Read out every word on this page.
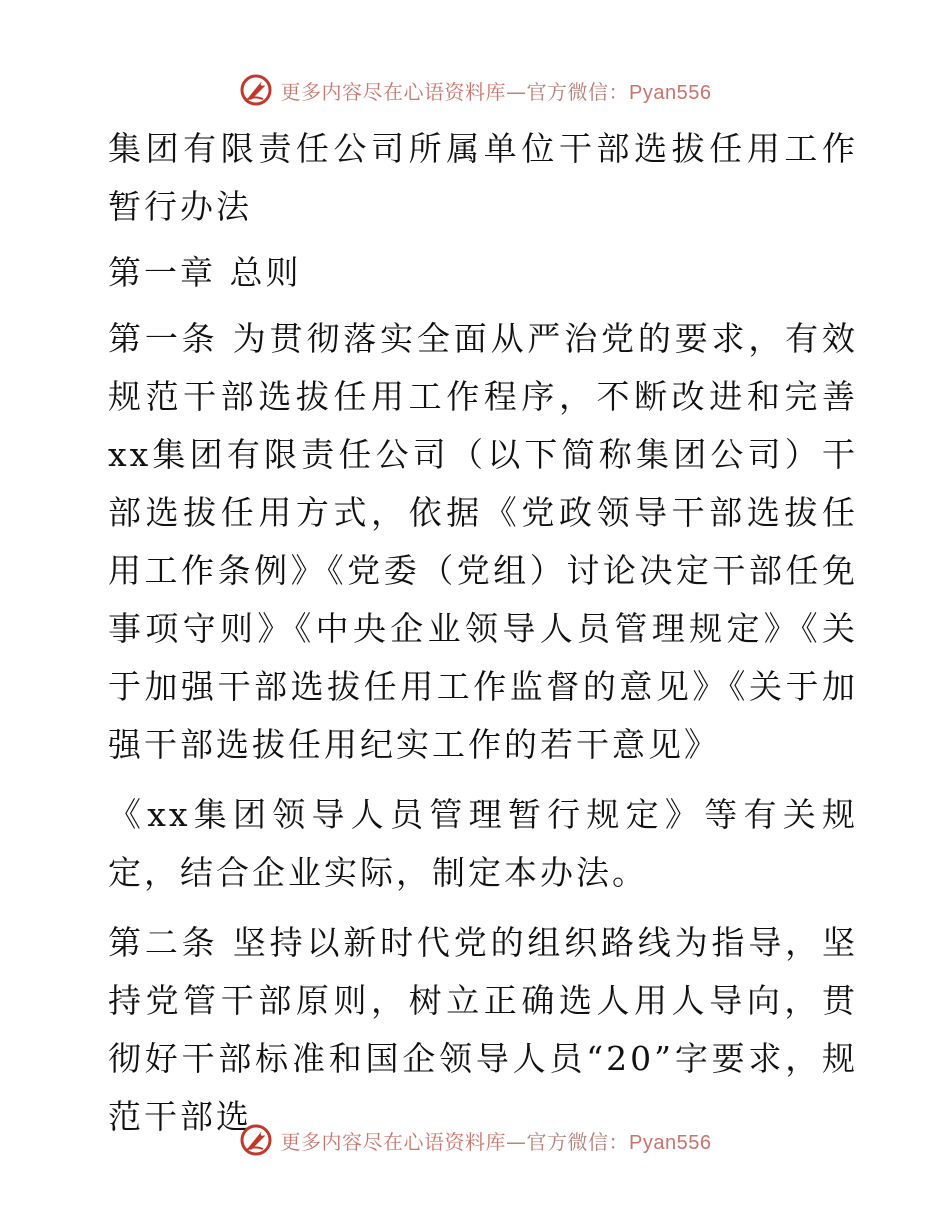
更多内容尽在心语资料库—官方微信：Pyan556

集团有限责任公司所属单位干部选拔任用工作暂行办法

第一章 总则

第一条 为贯彻落实全面从严治党的要求，有效规范干部选拔任用工作程序，不断改进和完善xx集团有限责任公司（以下简称集团公司）干部选拔任用方式，依据《党政领导干部选拔任用工作条例》《党委（党组）讨论决定干部任免事项守则》《中央企业领导人员管理规定》《关于加强干部选拔任用工作监督的意见》《关于加强干部选拔任用纪实工作的若干意见》

《xx集团领导人员管理暂行规定》等有关规定，结合企业实际，制定本办法。

第二条 坚持以新时代党的组织路线为指导，坚持党管干部原则，树立正确选人用人导向，贯彻好干部标准和国企领导人员“20”字要求，规范干部选

更多内容尽在心语资料库—官方微信：Pyan556
